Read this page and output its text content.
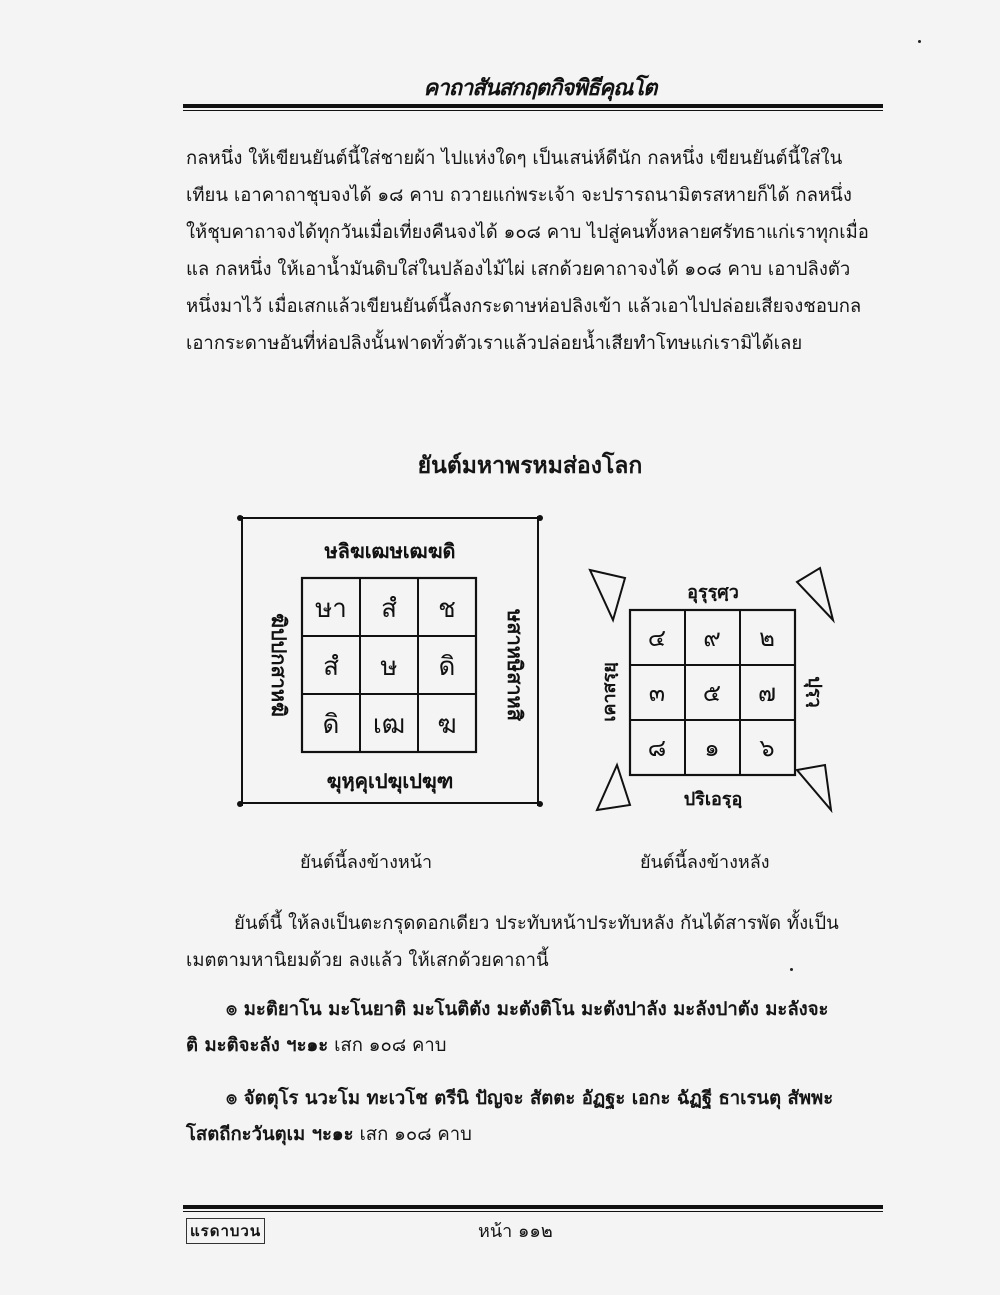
คาถาสันสกฤตกิจพิธีคุณโต
กลหนึ่ง ให้เขียนยันต์นี้ใส่ชายผ้า ไปแห่งใดๆ เป็นเสน่ห์ดีนัก กลหนึ่ง เขียนยันต์นี้ใส่ใน
เทียน เอาคาถาชุบจงได้ ๑๘ คาบ ถวายแก่พระเจ้า จะปรารถนามิตรสหายก็ได้ กลหนึ่ง
ให้ชุบคาถาจงได้ทุกวันเมื่อเที่ยงคืนจงได้ ๑๐๘ คาบ ไปสู่คนทั้งหลายศรัทธาแก่เราทุกเมื่อ
แล กลหนึ่ง ให้เอาน้ำมันดิบใส่ในปล้องไม้ไผ่ เสกด้วยคาถาจงได้ ๑๐๘ คาบ เอาปลิงตัว
หนึ่งมาไว้ เมื่อเสกแล้วเขียนยันต์นี้ลงกระดาษห่อปลิงเข้า แล้วเอาไปปล่อยเสียจงชอบกล
เอากระดาษอันที่ห่อปลิงนั้นฟาดทั่วตัวเราแล้วปล่อยน้ำเสียทำโทษแก่เรามิได้เลย
ยันต์มหาพรหมส่องโลก
ษา สํ ช
สํ ษ ดิ
ดิ เฒ ฆ
ษลิฆเฒษเฒฆดิ
ฆุหฺคุเปฆุเปฆุฑ
ฆิปปกสาหฆิ	ษสาหษิสาหสิ
ยันต์นี้ลงข้างหน้า
๔ ๙ ๒
๓ ๕ ๗
๘ ๑ ๖
อุรุรฺศฺว
ปริเอรฺอฺ
เคาสรฺยฺ	ปุรฺวฺ
ยันต์นี้ลงข้างหลัง
ยันต์นี้ ให้ลงเป็นตะกรุดดอกเดียว ประทับหน้าประทับหลัง กันได้สารพัด ทั้งเป็น
เมตตามหานิยมด้วย ลงแล้ว ให้เสกด้วยคาถานี้
๏ มะติยาโน มะโนยาติ มะโนติตัง มะตังติโน มะตังปาลัง มะลังปาตัง มะลังจะ
ติ มะติจะลัง ฯะ๑ะ เสก ๑๐๘ คาบ
๏ จัตตุโร นวะโม ทะเวโช ตรีนิ ปัญจะ สัตตะ อัฏฐะ เอกะ ฉัฏฐี ธาเรนตุ สัพพะ
โสตถีกะวันตุเม ฯะ๑ะ เสก ๑๐๘ คาบ
แรดาบวน	หน้า ๑๑๒
